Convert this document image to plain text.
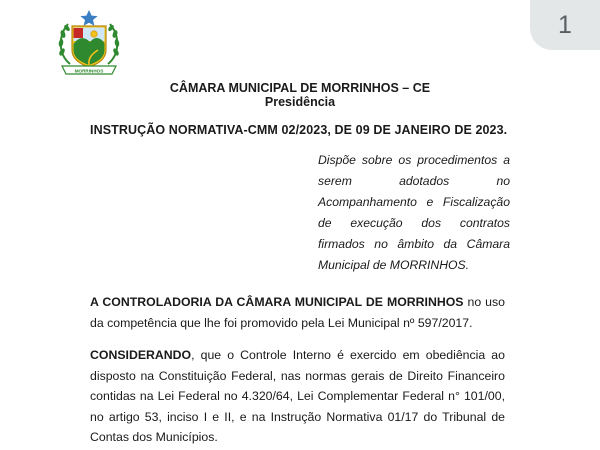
1
MORRINHOS
CÂMARA MUNICIPAL DE MORRINHOS – CE
Presidência
INSTRUÇÃO NORMATIVA-CMM 02/2023, DE 09 DE JANEIRO DE 2023.
Dispõe sobre os procedimentos a serem adotados no Acompanhamento e Fiscalização de execução dos contratos firmados no âmbito da Câmara Municipal de MORRINHOS.
A CONTROLADORIA DA CÂMARA MUNICIPAL DE MORRINHOS no uso da competência que lhe foi promovido pela Lei Municipal nº 597/2017.
CONSIDERANDO, que o Controle Interno é exercido em obediência ao disposto na Constituição Federal, nas normas gerais de Direito Financeiro contidas na Lei Federal no 4.320/64, Lei Complementar Federal n° 101/00, no artigo 53, inciso I e II, e na Instrução Normativa 01/17 do Tribunal de Contas dos Municípios.
